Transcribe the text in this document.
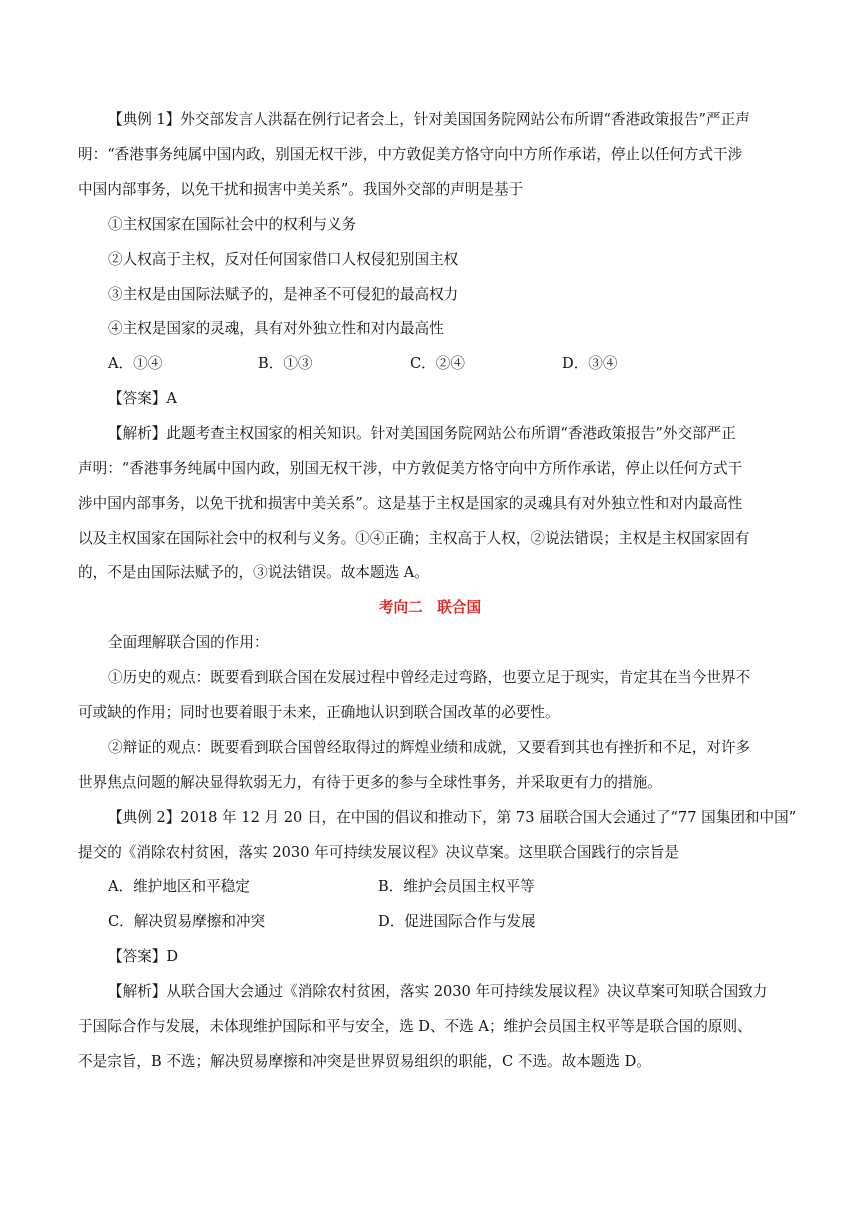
【典例 1】外交部发言人洪磊在例行记者会上，针对美国国务院网站公布所谓“香港政策报告”严正声
明：“香港事务纯属中国内政，别国无权干涉，中方敦促美方恪守向中方所作承诺，停止以任何方式干涉
中国内部事务，以免干扰和损害中美关系”。我国外交部的声明是基于
①主权国家在国际社会中的权利与义务
②人权高于主权，反对任何国家借口人权侵犯别国主权
③主权是由国际法赋予的，是神圣不可侵犯的最高权力
④主权是国家的灵魂，具有对外独立性和对内最高性
A．①④	B．①③	C．②④	D．③④
【答案】A
【解析】此题考查主权国家的相关知识。针对美国国务院网站公布所谓“香港政策报告”外交部严正
声明：“香港事务纯属中国内政，别国无权干涉，中方敦促美方恪守向中方所作承诺，停止以任何方式干
涉中国内部事务，以免干扰和损害中美关系”。这是基于主权是国家的灵魂具有对外独立性和对内最高性
以及主权国家在国际社会中的权利与义务。①④正确；主权高于人权，②说法错误；主权是主权国家固有
的，不是由国际法赋予的，③说法错误。故本题选 A。
考向二　联合国
全面理解联合国的作用：
①历史的观点：既要看到联合国在发展过程中曾经走过弯路，也要立足于现实，肯定其在当今世界不
可或缺的作用；同时也要着眼于未来，正确地认识到联合国改革的必要性。
②辩证的观点：既要看到联合国曾经取得过的辉煌业绩和成就，又要看到其也有挫折和不足，对许多
世界焦点问题的解决显得软弱无力，有待于更多的参与全球性事务，并采取更有力的措施。
【典例 2】2018 年 12 月 20 日，在中国的倡议和推动下，第 73 届联合国大会通过了“77 国集团和中国”
提交的《消除农村贫困，落实 2030 年可持续发展议程》决议草案。这里联合国践行的宗旨是
A．维护地区和平稳定	B．维护会员国主权平等
C．解决贸易摩擦和冲突	D．促进国际合作与发展
【答案】D
【解析】从联合国大会通过《消除农村贫困，落实 2030 年可持续发展议程》决议草案可知联合国致力
于国际合作与发展，未体现维护国际和平与安全，选 D、不选 A；维护会员国主权平等是联合国的原则、
不是宗旨，B 不选；解决贸易摩擦和冲突是世界贸易组织的职能，C 不选。故本题选 D。
